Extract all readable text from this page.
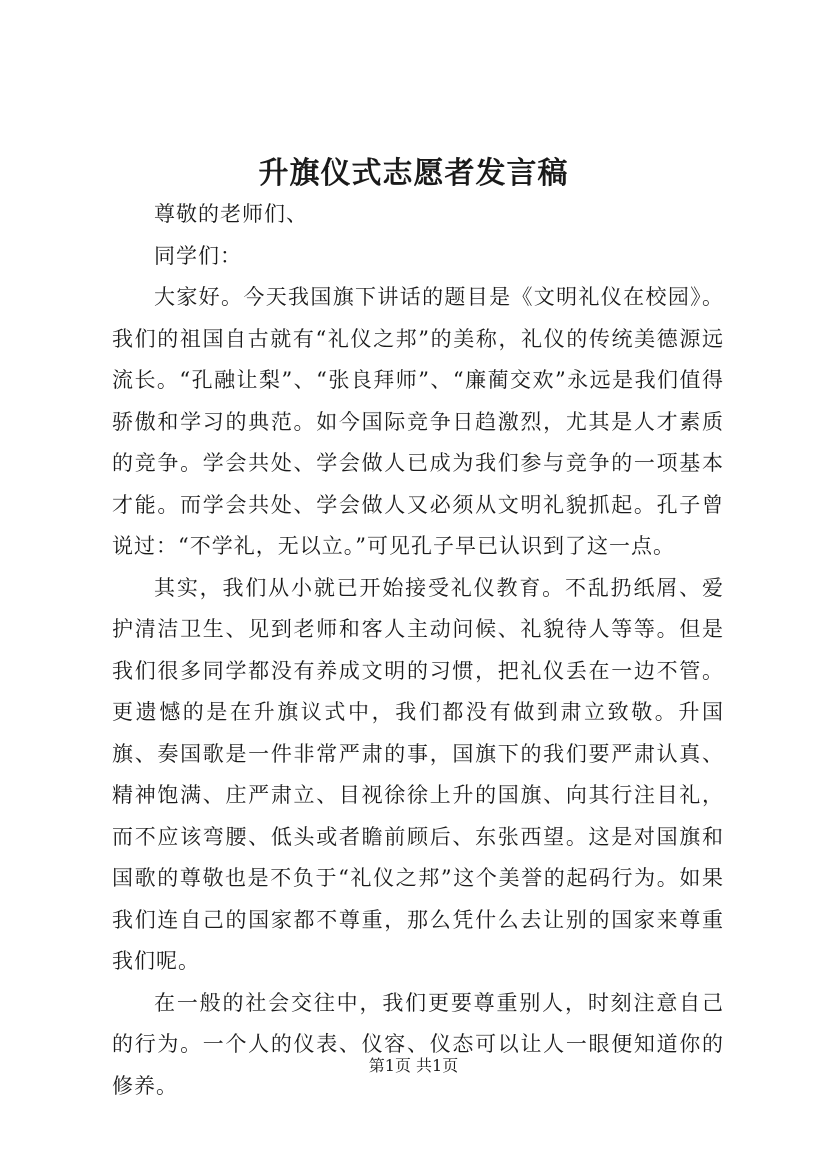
升旗仪式志愿者发言稿

尊敬的老师们、

同学们：

大家好。今天我国旗下讲话的题目是《文明礼仪在校园》。我们的祖国自古就有“礼仪之邦”的美称，礼仪的传统美德源远流长。“孔融让梨”、“张良拜师”、“廉蔺交欢”永远是我们值得骄傲和学习的典范。如今国际竞争日趋激烈，尤其是人才素质的竞争。学会共处、学会做人已成为我们参与竞争的一项基本才能。而学会共处、学会做人又必须从文明礼貌抓起。孔子曾说过：“不学礼，无以立。”可见孔子早已认识到了这一点。

其实，我们从小就已开始接受礼仪教育。不乱扔纸屑、爱护清洁卫生、见到老师和客人主动问候、礼貌待人等等。但是我们很多同学都没有养成文明的习惯，把礼仪丢在一边不管。更遗憾的是在升旗议式中，我们都没有做到肃立致敬。升国旗、奏国歌是一件非常严肃的事，国旗下的我们要严肃认真、精神饱满、庄严肃立、目视徐徐上升的国旗、向其行注目礼，而不应该弯腰、低头或者瞻前顾后、东张西望。这是对国旗和国歌的尊敬也是不负于“礼仪之邦”这个美誉的起码行为。如果我们连自己的国家都不尊重，那么凭什么去让别的国家来尊重我们呢。

在一般的社会交往中，我们更要尊重别人，时刻注意自己的行为。一个人的仪表、仪容、仪态可以让人一眼便知道你的修养。

第1页 共1页
